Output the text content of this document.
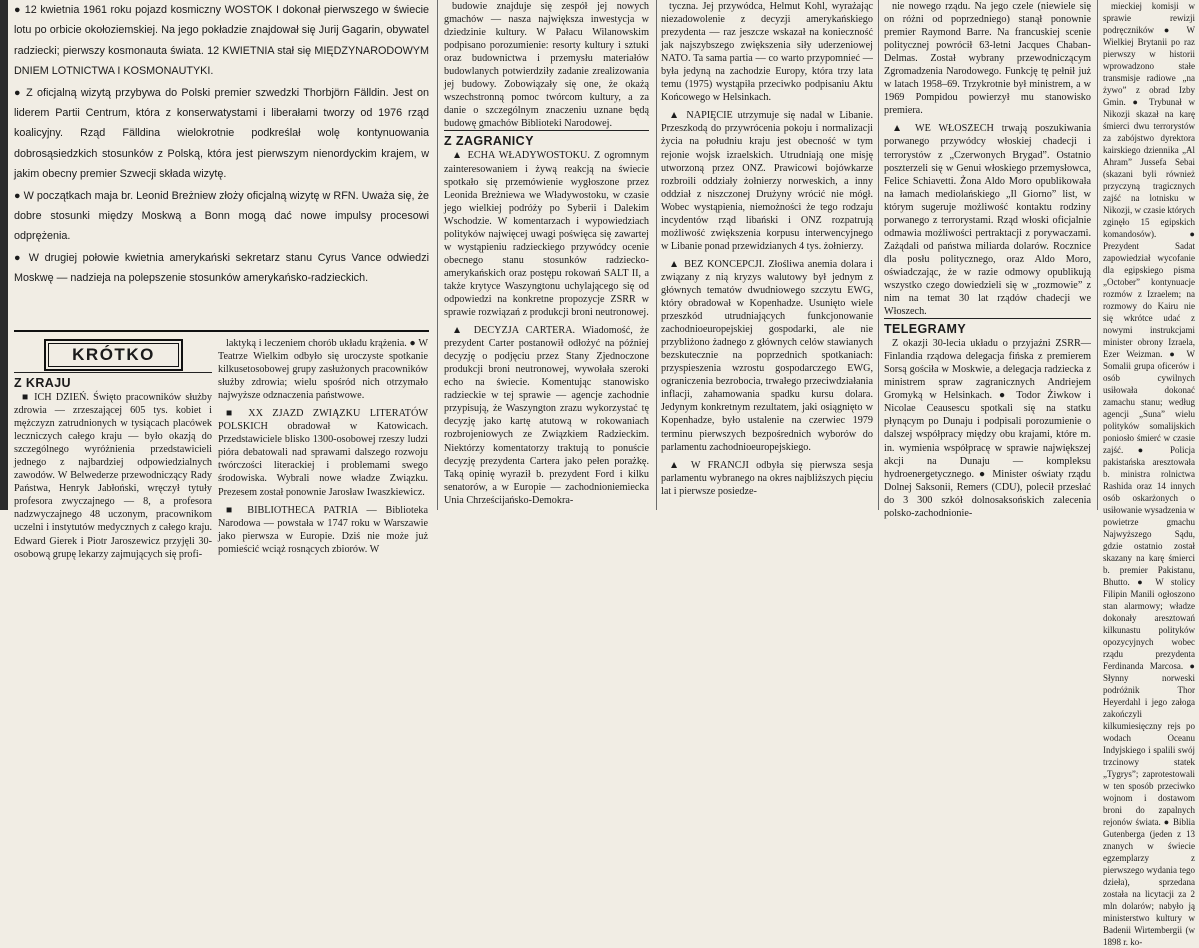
● 12 kwietnia 1961 roku pojazd kosmiczny WOSTOK I dokonał pierwszego w świecie lotu po orbicie okołoziemskiej. Na jego pokładzie znajdował się Jurij Gagarin, obywatel radziecki; pierwszy kosmonauta świata. 12 KWIETNIA stał się MIĘDZYNARODOWYM DNIEM LOTNICTWA I KOSMONAUTYKI.

● Z oficjalną wizytą przybywa do Polski premier szwedzki Thorbjörn Fälldin. Jest on liderem Partii Centrum, która z konserwatystami i liberałami tworzy od 1976 rząd koalicyjny. Rząd Fälldina wielokrotnie podkreślał wolę kontynuowania dobrosąsiedzkich stosunków z Polską, która jest pierwszym nienordyckim krajem, w jakim obecny premier Szwecji składa wizytę.

● W początkach maja br. Leonid Breżniew złoży oficjalną wizytę w RFN. Uważa się, że dobre stosunki między Moskwą a Bonn mogą dać nowe impulsy procesowi odprężenia.

● W drugiej połowie kwietnia amerykański sekretarz stanu Cyrus Vance odwiedzi Moskwę — nadzieja na polepszenie stosunków amerykańsko-radzieckich.

KRÓTKO

Z KRAJU

■ ICH DZIEŃ. Święto pracowników służby zdrowia — zrzeszającej 605 tys. kobiet i mężczyzn zatrudnionych w tysiącach placówek leczniczych całego kraju — było okazją do szczególnego wyróżnienia przedstawicieli jednego z najbardziej odpowiedzialnych zawodów. W Belwederze przewodniczący Rady Państwa, Henryk Jabłoński, wręczył tytuły profesora zwyczajnego — 8, a profesora nadzwyczajnego 48 uczonym, pracownikom uczelni i instytutów medycznych z całego kraju. Edward Gierek i Piotr Jaroszewicz przyjęli 30-osobową grupę lekarzy zajmujących się profi-

laktyką i leczeniem chorób układu krążenia. ● W Teatrze Wielkim odbyło się uroczyste spotkanie kilkusetosobowej grupy zasłużonych pracowników służby zdrowia; wielu spośród nich otrzymało najwyższe odznaczenia państwowe.

■ XX ZJAZD ZWIĄZKU LITERATÓW POLSKICH obradował w Katowicach. Przedstawiciele blisko 1300-osobowej rzeszy ludzi pióra debatowali nad sprawami dalszego rozwoju twórczości literackiej i problemami swego środowiska. Wybrali nowe władze Związku. Prezesem został ponownie Jarosław Iwaszkiewicz.

■ BIBLIOTHECA PATRIA — Biblioteka Narodowa — powstała w 1747 roku w Warszawie jako pierwsza w Europie. Dziś nie może już pomieścić wciąż rosnących zbiorów. W

budowie znajduje się zespół jej nowych gmachów — nasza największa inwestycja w dziedzinie kultury. W Pałacu Wilanowskim podpisano porozumienie: resorty kultury i sztuki oraz budownictwa i przemysłu materiałów budowlanych potwierdziły zadanie zrealizowania jej budowy. Zobowiązały się one, że okażą wszechstronną pomoc twórcom kultury, a za danie o szczególnym znaczeniu uznane będą budowę gmachów Biblioteki Narodowej.

Z ZAGRANICY

▲ ECHA WŁADYWOSTOKU. Z ogromnym zainteresowaniem i żywą reakcją na świecie spotkało się przemówienie wygłoszone przez Leonida Breżniewa we Władywostoku, w czasie jego wielkiej podróży po Syberii i Dalekim Wschodzie. W komentarzach i wypowiedziach polityków najwięcej uwagi poświęca się zawartej w wystąpieniu radzieckiego przywódcy ocenie obecnego stanu stosunków radziecko-amerykańskich oraz postępu rokowań SALT II, a także krytyce Waszyngtonu uchylającego się od odpowiedzi na konkretne propozycje ZSRR w sprawie rozwiązań z produkcji broni neutronowej.

▲ DECYZJA CARTERA. Wiadomość, że prezydent Carter postanowił odłożyć na później decyzję o podjęciu przez Stany Zjednoczone produkcji broni neutronowej, wywołała szeroki echo na świecie. Komentując stanowisko radzieckie w tej sprawie — agencje zachodnie przypisują, że Waszyngton zrazu wykorzystać tę decyzję jako kartę atutową w rokowaniach rozbrojeniowych ze Związkiem Radzieckim. Niektórzy komentatorzy traktują to ponuście decyzję prezydenta Cartera jako pełen porażkę. Taką opinię wyraził b. prezydent Ford i kilku senatorów, a w Europie — zachodnioniemiecka Unia Chrześcijańsko-Demokra-

tyczna. Jej przywódca, Helmut Kohl, wyrażając niezadowolenie z decyzji amerykańskiego prezydenta — raz jeszcze wskazał na konieczność jak najszybszego zwiększenia siły uderzeniowej NATO. Ta sama partia — co warto przypomnieć — była jedyną na zachodzie Europy, która trzy lata temu (1975) wystąpiła przeciwko podpisaniu Aktu Końcowego w Helsinkach.

▲ NAPIĘCIE utrzymuje się nadal w Libanie. Przeszkodą do przywrócenia pokoju i normalizacji życia na południu kraju jest obecność w tym rejonie wojsk izraelskich. Utrudniają one misję utworzoną przez ONZ. Prawicowi bojówkarze rozbroili oddziały żołnierzy norweskich, a inny oddział z niszczonej Drużyny wrócić nie mógł. Wobec wystąpienia, niemożności że tego rodzaju incydentów rząd libański i ONZ rozpatrują możliwość zwiększenia korpusu interwencyjnego w Libanie ponad przewidzianych 4 tys. żołnierzy.

▲ BEZ KONCEPCJI. Złośliwa anemia dolara i związany z nią kryzys walutowy był jednym z głównych tematów dwudniowego szczytu EWG, który obradował w Kopenhadze. Usunięto wiele przeszkód utrudniających funkcjonowanie zachodnioeuropejskiej gospodarki, ale nie przybliżono żadnego z głównych celów stawianych bezskutecznie na poprzednich spotkaniach: przyspieszenia wzrostu gospodarczego EWG, ograniczenia bezrobocia, trwałego przeciwdziałania inflacji, zahamowania spadku kursu dolara. Jedynym konkretnym rezultatem, jaki osiągnięto w Kopenhadze, było ustalenie na czerwiec 1979 terminu pierwszych bezpośrednich wyborów do parlamentu zachodnioeuropejskiego.

▲ W FRANCJI odbyła się pierwsza sesja parlamentu wybranego na okres najbliższych pięciu lat i pierwsze posiedze-

nie nowego rządu. Na jego czele (niewiele się on różni od poprzedniego) stanął ponownie premier Raymond Barre. Na francuskiej scenie politycznej powrócił 63-letni Jacques Chaban-Delmas. Został wybrany przewodniczącym Zgromadzenia Narodowego. Funkcję tę pełnił już w latach 1958–69. Trzykrotnie był ministrem, a w 1969 Pompidou powierzył mu stanowisko premiera.

▲ WE WŁOSZECH trwają poszukiwania porwanego przywódcy włoskiej chadecji i terrorystów z „Czerwonych Brygad”. Ostatnio poszterzeli się w Genui włoskiego przemysłowca, Felice Schiavetti. Żona Aldo Moro opublikowała na łamach mediolańskiego „Il Giorno” list, w którym sugeruje możliwość kontaktu rodziny porwanego z terrorystami. Rząd włoski oficjalnie odmawia możliwości pertraktacji z porywaczami. Zażądali od państwa miliarda dolarów. Rocznice dla posłu politycznego, oraz Aldo Moro, oświadczając, że w razie odmowy opublikują wszystko czego dowiedzieli się w „rozmowie” z nim na temat 30 lat rządów chadecji we Włoszech.

TELEGRAMY

Z okazji 30-lecia układu o przyjaźni ZSRR—Finlandia rządowa delegacja fińska z premierem Sorsą gościła w Moskwie, a delegacja radziecka z ministrem spraw zagranicznych Andriejem Gromyką w Helsinkach. ● Todor Żiwkow i Nicolae Ceausescu spotkali się na statku płynącym po Dunaju i podpisali porozumienie o dalszej współpracy między obu krajami, które m. in. wymienia współpracę w sprawie największej akcji na Dunaju — kompleksu hydroenergetycznego. ● Minister oświaty rządu Dolnej Saksonii, Remers (CDU), polecił przesłać do 3 300 szkół dolnosaksońskich zalecenia polsko-zachodnionie-

mieckiej komisji w sprawie rewizji podręczników ● W Wielkiej Brytanii po raz pierwszy w historii wprowadzono stałe transmisje radiowe „na żywo” z obrad Izby Gmin. ● Trybunał w Nikozji skazał na karę śmierci dwu terrorystów za zabójstwo dyrektora kairskiego dziennika „Al Ahram” Jussefa Sebai (skazani byli również przyczyną tragicznych zajść na lotnisku w Nikozji, w czasie których zginęło 15 egipskich komandosów). ● Prezydent Sadat zapowiedział wycofanie dla egipskiego pisma „October” kontynuacje rozmów z Izraelem; na rozmowy do Kairu nie się wkrótce udać z nowymi instrukcjami minister obrony Izraela, Ezer Weizman. ● W Somalii grupa oficerów i osób cywilnych usiłowała dokonać zamachu stanu; według agencji „Suna” wielu polityków somalijskich poniosło śmierć w czasie zajść. ● Policja pakistańska aresztowała b. ministra rolnictwa Rashida oraz 14 innych osób oskarżonych o usiłowanie wysadzenia w powietrze gmachu Najwyższego Sądu, gdzie ostatnio został skazany na karę śmierci b. premier Pakistanu, Bhutto. ● W stolicy Filipin Manili ogłoszono stan alarmowy; władze dokonały aresztowań kilkunastu polityków opozycyjnych wobec rządu prezydenta Ferdinanda Marcosa. ● Słynny norweski podróżnik Thor Heyerdahl i jego załoga zakończyli kilkumiesięczny rejs po wodach Oceanu Indyjskiego i spalili swój trzcinowy statek „Tygrys”; zaprotestowali w ten sposób przeciwko wojnom i dostawom broni do zapalnych rejonów świata. ● Biblia Gutenberga (jeden z 13 znanych w świecie egzemplarzy z pierwszego wydania tego dzieła), sprzedana została na licytacji za 2 mln dolarów; nabyło ją ministerstwo kultury w Badenii Wirtembergii (w 1898 r. ko-
